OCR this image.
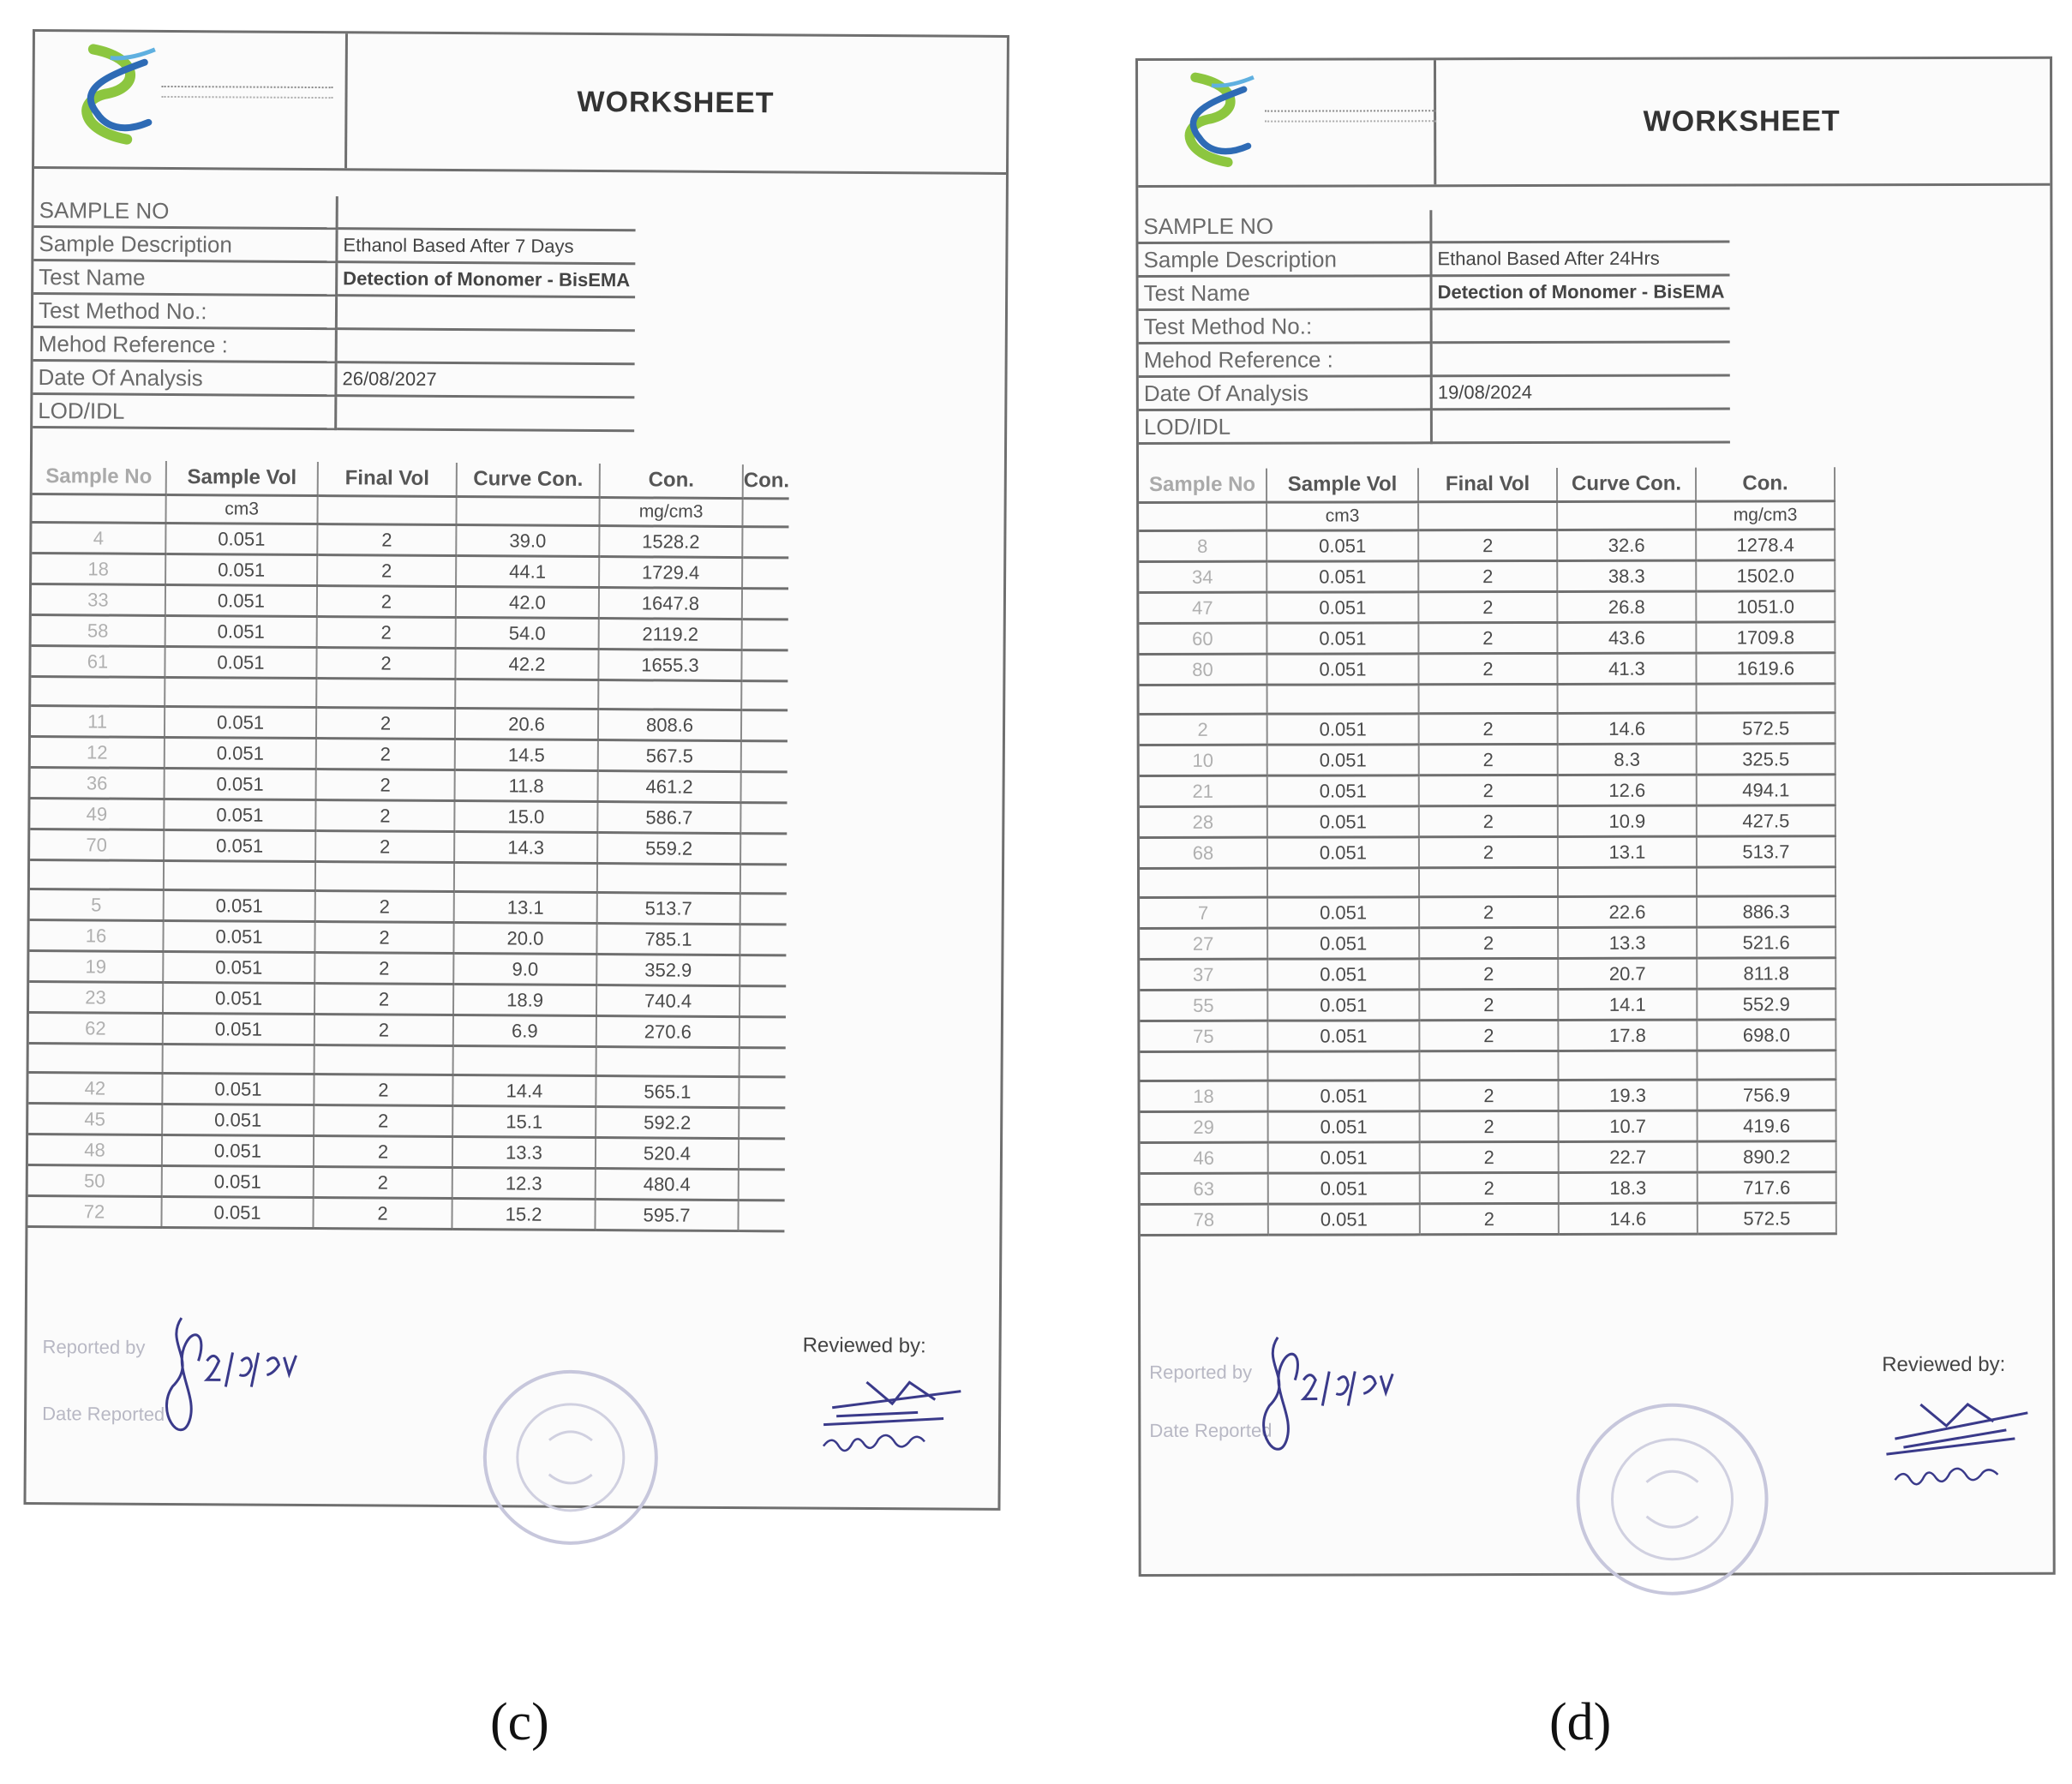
WORKSHEET
SAMPLE NO	
Sample Description	Ethanol Based After 7 Days
Test Name	Detection of Monomer - BisEMA
Test Method No.:	
Mehod Reference :	
Date Of Analysis	26/08/2027
LOD/IDL	
Sample No	Sample Vol	Final Vol	Curve Con.	Con.	Con.
	cm3			mg/cm3	
4	0.051	2	39.0	1528.2	
18	0.051	2	44.1	1729.4	
33	0.051	2	42.0	1647.8	
58	0.051	2	54.0	2119.2	
61	0.051	2	42.2	1655.3	

11	0.051	2	20.6	808.6	
12	0.051	2	14.5	567.5	
36	0.051	2	11.8	461.2	
49	0.051	2	15.0	586.7	
70	0.051	2	14.3	559.2	

5	0.051	2	13.1	513.7	
16	0.051	2	20.0	785.1	
19	0.051	2	9.0	352.9	
23	0.051	2	18.9	740.4	
62	0.051	2	6.9	270.6	

42	0.051	2	14.4	565.1	
45	0.051	2	15.1	592.2	
48	0.051	2	13.3	520.4	
50	0.051	2	12.3	480.4	
72	0.051	2	15.2	595.7	
Reported by
Date Reported
Reviewed by:
WORKSHEET
SAMPLE NO	
Sample Description	Ethanol Based After 24Hrs
Test Name	Detection of Monomer - BisEMA
Test Method No.:	
Mehod Reference :	
Date Of Analysis	19/08/2024
LOD/IDL	
Sample No	Sample Vol	Final Vol	Curve Con.	Con.	
	cm3			mg/cm3	
8	0.051	2	32.6	1278.4	
34	0.051	2	38.3	1502.0	
47	0.051	2	26.8	1051.0	
60	0.051	2	43.6	1709.8	
80	0.051	2	41.3	1619.6	

2	0.051	2	14.6	572.5	
10	0.051	2	8.3	325.5	
21	0.051	2	12.6	494.1	
28	0.051	2	10.9	427.5	
68	0.051	2	13.1	513.7	

7	0.051	2	22.6	886.3	
27	0.051	2	13.3	521.6	
37	0.051	2	20.7	811.8	
55	0.051	2	14.1	552.9	
75	0.051	2	17.8	698.0	

18	0.051	2	19.3	756.9	
29	0.051	2	10.7	419.6	
46	0.051	2	22.7	890.2	
63	0.051	2	18.3	717.6	
78	0.051	2	14.6	572.5	
Reported by
Date Reported
Reviewed by:
(c)	(d)
